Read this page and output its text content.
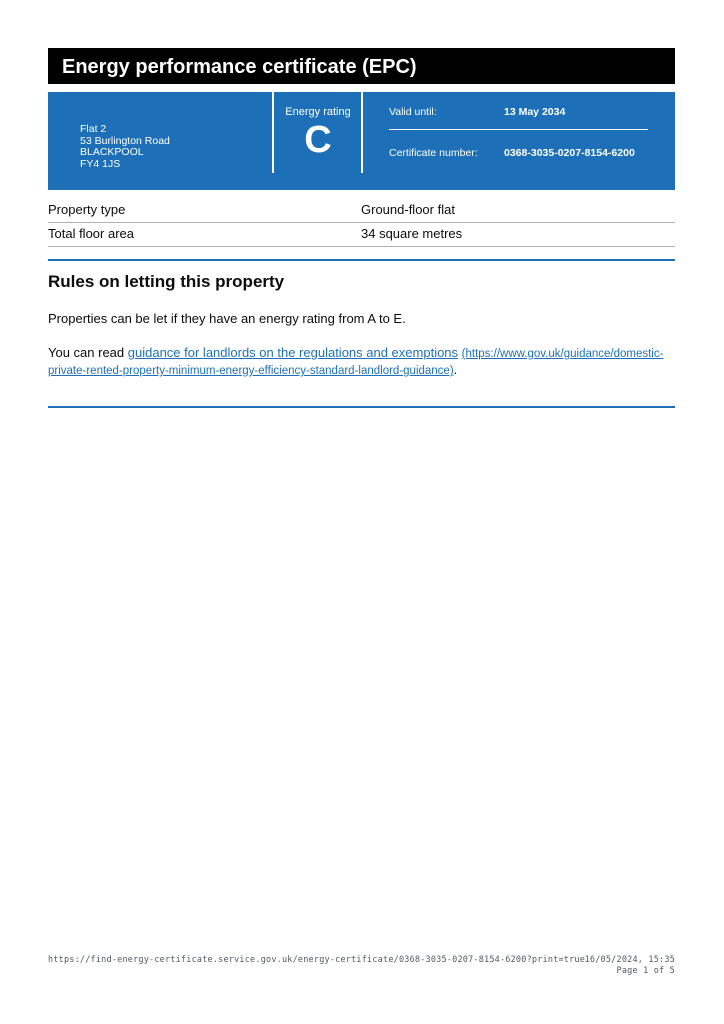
Energy performance certificate (EPC)
Flat 2
53 Burlington Road
BLACKPOOL
FY4 1JS
Energy rating
C
Valid until:	13 May 2034
Certificate number:	0368-3035-0207-8154-6200
Property type	Ground-floor flat
Total floor area	34 square metres
Rules on letting this property
Properties can be let if they have an energy rating from A to E.
You can read guidance for landlords on the regulations and exemptions (https://www.gov.uk/guidance/domestic-private-rented-property-minimum-energy-efficiency-standard-landlord-guidance).
https://find-energy-certificate.service.gov.uk/energy-certificate/0368-3035-0207-8154-6200?print=true 16/05/2024, 15:35
Page 1 of 5
